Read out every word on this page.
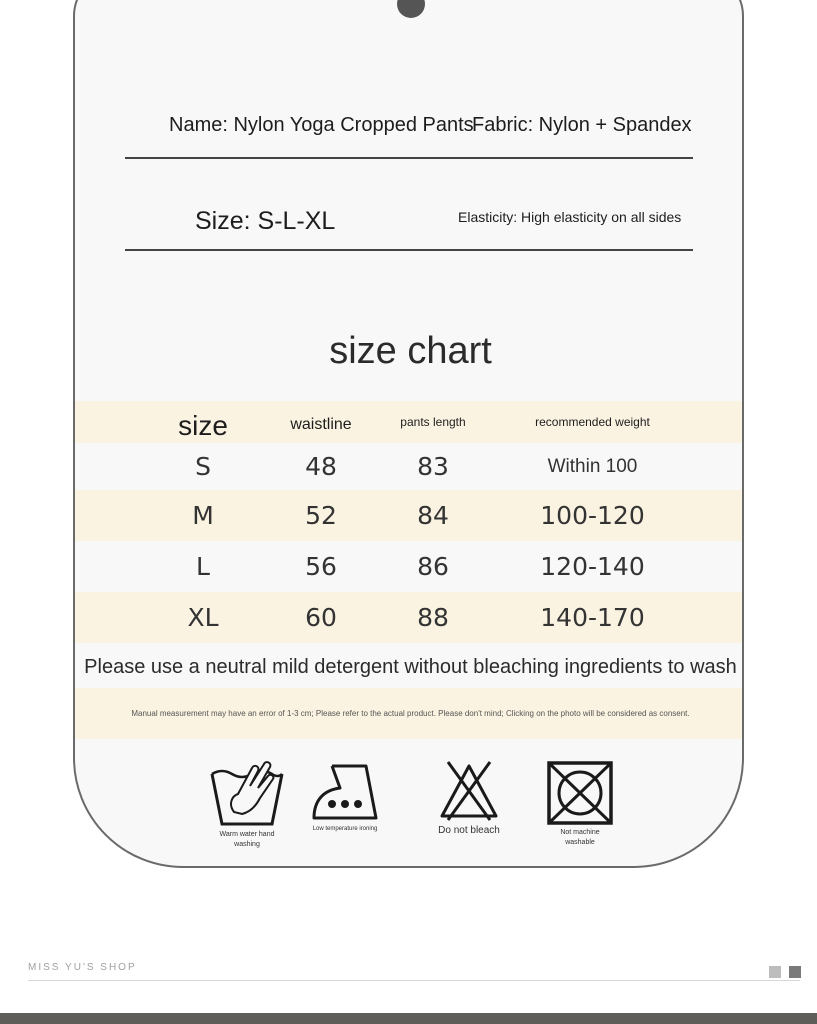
Name: Nylon Yoga Cropped Pants
Fabric: Nylon + Spandex
Size: S-L-XL	Elasticity: High elasticity on all sides
size chart
size	waistline	pants length	recommended weight
S	48	83	Within 100
M	52	84	100-120
L	56	86	120-140
XL	60	88	140-170
Please use a neutral mild detergent without bleaching ingredients to wash
Manual measurement may have an error of 1-3 cm; Please refer to the actual product. Please don't mind; Clicking on the photo will be considered as consent.
Warm water hand
washing
Low temperature ironing	Do not bleach	Not machine
washable
MISS YU'S SHOP
